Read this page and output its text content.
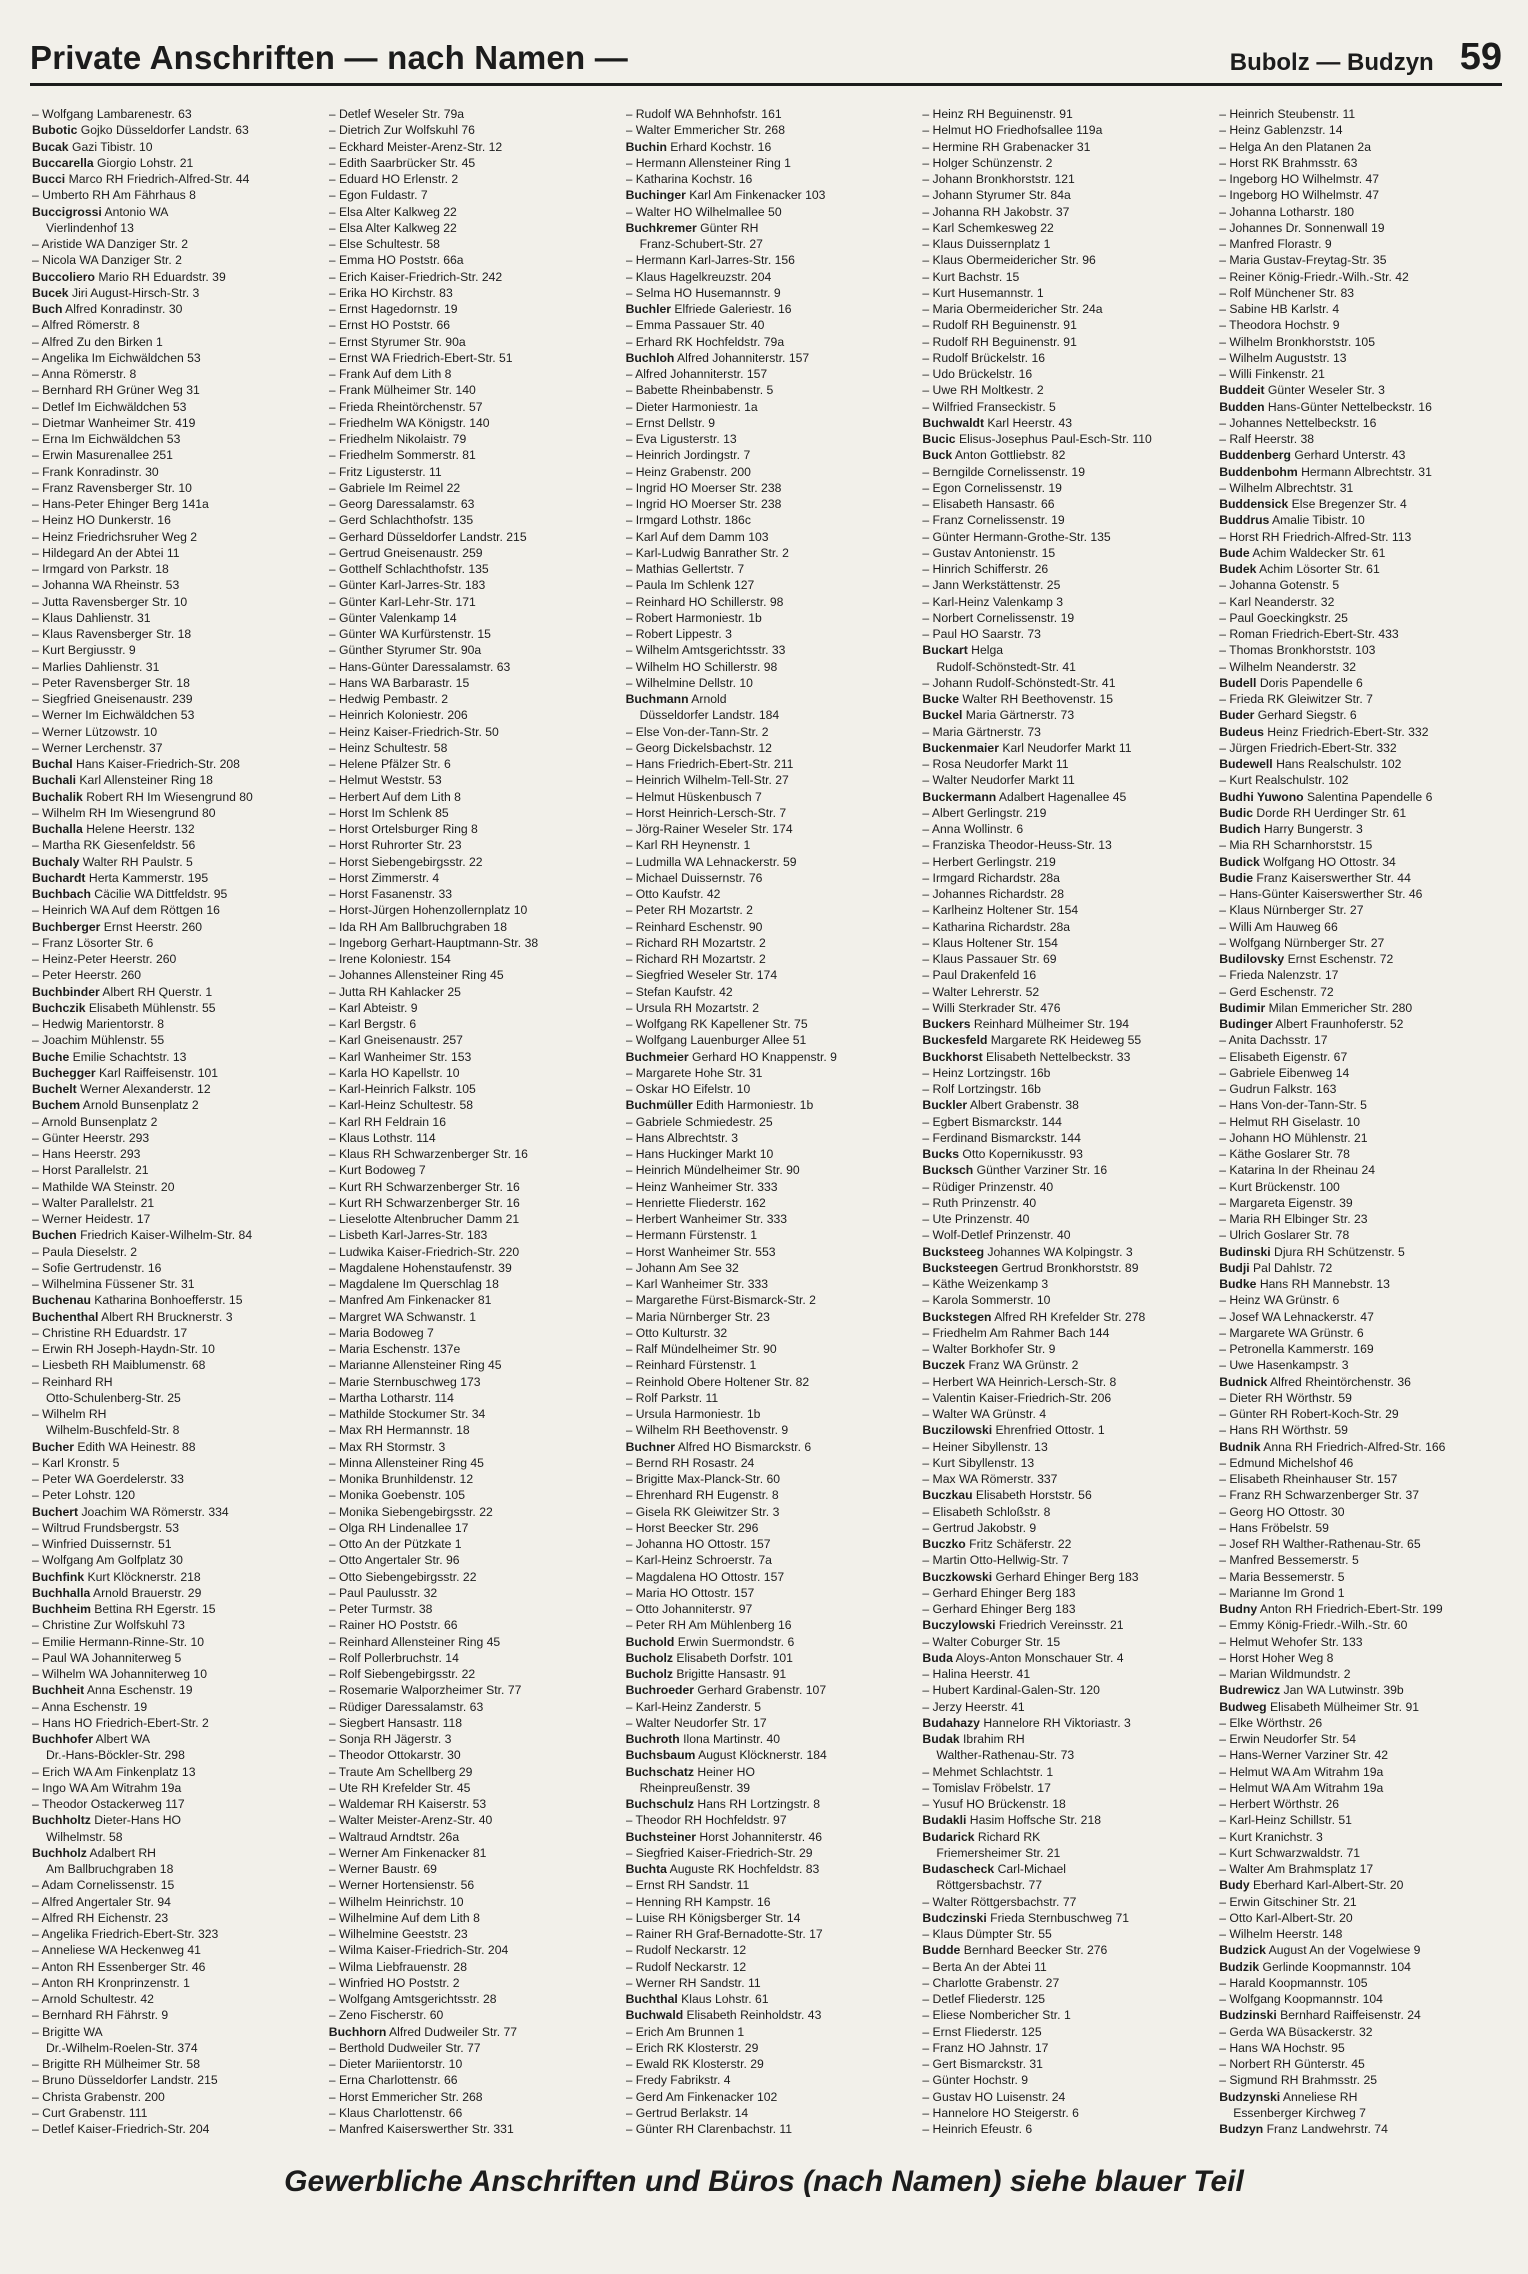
Private Anschriften — nach Namen —	Bubolz — Budzyn 59
– Wolfgang Lambarenestr. 63
Bubotic Gojko Düsseldorfer Landstr. 63
Bucak Gazi Tibistr. 10
Buccarella Giorgio Lohstr. 21
Bucci Marco RH Friedrich-Alfred-Str. 44
– Umberto RH Am Fährhaus 8
Buccigrossi Antonio WA
Vierlindenhof 13
– Aristide WA Danziger Str. 2
– Nicola WA Danziger Str. 2
Buccoliero Mario RH Eduardstr. 39
Bucek Jiri August-Hirsch-Str. 3
Buch Alfred Konradinstr. 30
– Alfred Römerstr. 8
– Alfred Zu den Birken 1
– Angelika Im Eichwäldchen 53
– Anna Römerstr. 8
– Bernhard RH Grüner Weg 31
– Detlef Im Eichwäldchen 53
– Dietmar Wanheimer Str. 419
– Erna Im Eichwäldchen 53
– Erwin Masurenallee 251
– Frank Konradinstr. 30
– Franz Ravensberger Str. 10
– Hans-Peter Ehinger Berg 141a
– Heinz HO Dunkerstr. 16
– Heinz Friedrichsruher Weg 2
– Hildegard An der Abtei 11
– Irmgard von Parkstr. 18
– Johanna WA Rheinstr. 53
– Jutta Ravensberger Str. 10
– Klaus Dahlienstr. 31
– Klaus Ravensberger Str. 18
– Kurt Bergiusstr. 9
– Marlies Dahlienstr. 31
– Peter Ravensberger Str. 18
– Siegfried Gneisenaustr. 239
– Werner Im Eichwäldchen 53
– Werner Lützowstr. 10
– Werner Lerchenstr. 37
Buchal Hans Kaiser-Friedrich-Str. 208
Buchali Karl Allensteiner Ring 18
Buchalik Robert RH Im Wiesengrund 80
– Wilhelm RH Im Wiesengrund 80
Buchalla Helene Heerstr. 132
– Martha RK Giesenfeldstr. 56
Buchaly Walter RH Paulstr. 5
Buchardt Herta Kammerstr. 195
Buchbach Cäcilie WA Dittfeldstr. 95
– Heinrich WA Auf dem Röttgen 16
Buchberger Ernst Heerstr. 260
– Franz Lösorter Str. 6
– Heinz-Peter Heerstr. 260
– Peter Heerstr. 260
Buchbinder Albert RH Querstr. 1
Buchczik Elisabeth Mühlenstr. 55
– Hedwig Marientorstr. 8
– Joachim Mühlenstr. 55
Buche Emilie Schachtstr. 13
Buchegger Karl Raiffeisenstr. 101
Buchelt Werner Alexanderstr. 12
Buchem Arnold Bunsenplatz 2
– Arnold Bunsenplatz 2
– Günter Heerstr. 293
– Hans Heerstr. 293
– Horst Parallelstr. 21
– Mathilde WA Steinstr. 20
– Walter Parallelstr. 21
– Werner Heidestr. 17
Buchen Friedrich Kaiser-Wilhelm-Str. 84
– Paula Dieselstr. 2
– Sofie Gertrudenstr. 16
– Wilhelmina Füssener Str. 31
Buchenau Katharina Bonhoefferstr. 15
Buchenthal Albert RH Brucknerstr. 3
– Christine RH Eduardstr. 17
– Erwin RH Joseph-Haydn-Str. 10
– Liesbeth RH Maiblumenstr. 68
– Reinhard RH
Otto-Schulenberg-Str. 25
– Wilhelm RH
Wilhelm-Buschfeld-Str. 8
Bucher Edith WA Heinestr. 88
– Karl Kronstr. 5
– Peter WA Goerdelerstr. 33
– Peter Lohstr. 120
Buchert Joachim WA Römerstr. 334
– Wiltrud Frundsbergstr. 53
– Winfried Duissernstr. 51
– Wolfgang Am Golfplatz 30
Buchfink Kurt Klöcknerstr. 218
Buchhalla Arnold Brauerstr. 29
Buchheim Bettina RH Egerstr. 15
– Christine Zur Wolfskuhl 73
– Emilie Hermann-Rinne-Str. 10
– Paul WA Johanniterweg 5
– Wilhelm WA Johanniterweg 10
Buchheit Anna Eschenstr. 19
– Anna Eschenstr. 19
– Hans HO Friedrich-Ebert-Str. 2
Buchhofer Albert WA
Dr.-Hans-Böckler-Str. 298
– Erich WA Am Finkenplatz 13
– Ingo WA Am Witrahm 19a
– Theodor Ostackerweg 117
Buchholtz Dieter-Hans HO
Wilhelmstr. 58
Buchholz Adalbert RH
Am Ballbruchgraben 18
– Adam Cornelissenstr. 15
– Alfred Angertaler Str. 94
– Alfred RH Eichenstr. 23
– Angelika Friedrich-Ebert-Str. 323
– Anneliese WA Heckenweg 41
– Anton RH Essenberger Str. 46
– Anton RH Kronprinzenstr. 1
– Arnold Schultestr. 42
– Bernhard RH Fährstr. 9
– Brigitte WA
Dr.-Wilhelm-Roelen-Str. 374
– Brigitte RH Mülheimer Str. 58
– Bruno Düsseldorfer Landstr. 215
– Christa Grabenstr. 200
– Curt Grabenstr. 111
– Detlef Kaiser-Friedrich-Str. 204
– Detlef Weseler Str. 79a
– Dietrich Zur Wolfskuhl 76
– Eckhard Meister-Arenz-Str. 12
– Edith Saarbrücker Str. 45
– Eduard HO Erlenstr. 2
– Egon Fuldastr. 7
– Elsa Alter Kalkweg 22
– Elsa Alter Kalkweg 22
– Else Schultestr. 58
– Emma HO Poststr. 66a
– Erich Kaiser-Friedrich-Str. 242
– Erika HO Kirchstr. 83
– Ernst Hagedornstr. 19
– Ernst HO Poststr. 66
– Ernst Styrumer Str. 90a
– Ernst WA Friedrich-Ebert-Str. 51
– Frank Auf dem Lith 8
– Frank Mülheimer Str. 140
– Frieda Rheintörchenstr. 57
– Friedhelm WA Königstr. 140
– Friedhelm Nikolaistr. 79
– Friedhelm Sommerstr. 81
– Fritz Ligusterstr. 11
– Gabriele Im Reimel 22
– Georg Daressalamstr. 63
– Gerd Schlachthofstr. 135
– Gerhard Düsseldorfer Landstr. 215
– Gertrud Gneisenaustr. 259
– Gotthelf Schlachthofstr. 135
– Günter Karl-Jarres-Str. 183
– Günter Karl-Lehr-Str. 171
– Günter Valenkamp 14
– Günter WA Kurfürstenstr. 15
– Günther Styrumer Str. 90a
– Hans-Günter Daressalamstr. 63
– Hans WA Barbarastr. 15
– Hedwig Pembastr. 2
– Heinrich Koloniestr. 206
– Heinz Kaiser-Friedrich-Str. 50
– Heinz Schultestr. 58
– Helene Pfälzer Str. 6
– Helmut Weststr. 53
– Herbert Auf dem Lith 8
– Horst Im Schlenk 85
– Horst Ortelsburger Ring 8
– Horst Ruhrorter Str. 23
– Horst Siebengebirgsstr. 22
– Horst Zimmerstr. 4
– Horst Fasanenstr. 33
– Horst-Jürgen Hohenzollernplatz 10
– Ida RH Am Ballbruchgraben 18
– Ingeborg Gerhart-Hauptmann-Str. 38
– Irene Koloniestr. 154
– Johannes Allensteiner Ring 45
– Jutta RH Kahlacker 25
– Karl Abteistr. 9
– Karl Bergstr. 6
– Karl Gneisenaustr. 257
– Karl Wanheimer Str. 153
– Karla HO Kapellstr. 10
– Karl-Heinrich Falkstr. 105
– Karl-Heinz Schultestr. 58
– Karl RH Feldrain 16
– Klaus Lothstr. 114
– Klaus RH Schwarzenberger Str. 16
– Kurt Bodoweg 7
– Kurt RH Schwarzenberger Str. 16
– Kurt RH Schwarzenberger Str. 16
– Lieselotte Altenbrucher Damm 21
– Lisbeth Karl-Jarres-Str. 183
– Ludwika Kaiser-Friedrich-Str. 220
– Magdalene Hohenstaufenstr. 39
– Magdalene Im Querschlag 18
– Manfred Am Finkenacker 81
– Margret WA Schwanstr. 1
– Maria Bodoweg 7
– Maria Eschenstr. 137e
– Marianne Allensteiner Ring 45
– Marie Sternbuschweg 173
– Martha Lotharstr. 114
– Mathilde Stockumer Str. 34
– Max RH Hermannstr. 18
– Max RH Stormstr. 3
– Minna Allensteiner Ring 45
– Monika Brunhildenstr. 12
– Monika Goebenstr. 105
– Monika Siebengebirgsstr. 22
– Olga RH Lindenallee 17
– Otto An der Pützkate 1
– Otto Angertaler Str. 96
– Otto Siebengebirgsstr. 22
– Paul Paulusstr. 32
– Peter Turmstr. 38
– Rainer HO Poststr. 66
– Reinhard Allensteiner Ring 45
– Rolf Pollerbruchstr. 14
– Rolf Siebengebirgsstr. 22
– Rosemarie Walporzheimer Str. 77
– Rüdiger Daressalamstr. 63
– Siegbert Hansastr. 118
– Sonja RH Jägerstr. 3
– Theodor Ottokarstr. 30
– Traute Am Schellberg 29
– Ute RH Krefelder Str. 45
– Waldemar RH Kaiserstr. 53
– Walter Meister-Arenz-Str. 40
– Waltraud Arndtstr. 26a
– Werner Am Finkenacker 81
– Werner Baustr. 69
– Werner Hortensienstr. 56
– Wilhelm Heinrichstr. 10
– Wilhelmine Auf dem Lith 8
– Wilhelmine Geeststr. 23
– Wilma Kaiser-Friedrich-Str. 204
– Wilma Liebfrauenstr. 28
– Winfried HO Poststr. 2
– Wolfgang Amtsgerichtsstr. 28
– Zeno Fischerstr. 60
Buchhorn Alfred Dudweiler Str. 77
– Berthold Dudweiler Str. 77
– Dieter Mariientorstr. 10
– Erna Charlottenstr. 66
– Horst Emmericher Str. 268
– Klaus Charlottenstr. 66
– Manfred Kaiserswerther Str. 331
– Rudolf WA Behnhofstr. 161
– Walter Emmericher Str. 268
Buchin Erhard Kochstr. 16
– Hermann Allensteiner Ring 1
– Katharina Kochstr. 16
Buchinger Karl Am Finkenacker 103
– Walter HO Wilhelmallee 50
Buchkremer Günter RH
Franz-Schubert-Str. 27
– Hermann Karl-Jarres-Str. 156
– Klaus Hagelkreuzstr. 204
– Selma HO Husemannstr. 9
Buchler Elfriede Galeriestr. 16
– Emma Passauer Str. 40
– Erhard RK Hochfeldstr. 79a
Buchloh Alfred Johanniterstr. 157
– Alfred Johanniterstr. 157
– Babette Rheinbabenstr. 5
– Dieter Harmoniestr. 1a
– Ernst Dellstr. 9
– Eva Ligusterstr. 13
– Heinrich Jordingstr. 7
– Heinz Grabenstr. 200
– Ingrid HO Moerser Str. 238
– Ingrid HO Moerser Str. 238
– Irmgard Lothstr. 186c
– Karl Auf dem Damm 103
– Karl-Ludwig Banrather Str. 2
– Mathias Gellertstr. 7
– Paula Im Schlenk 127
– Reinhard HO Schillerstr. 98
– Robert Harmoniestr. 1b
– Robert Lippestr. 3
– Wilhelm Amtsgerichtsstr. 33
– Wilhelm HO Schillerstr. 98
– Wilhelmine Dellstr. 10
Buchmann Arnold
Düsseldorfer Landstr. 184
– Else Von-der-Tann-Str. 2
– Georg Dickelsbachstr. 12
– Hans Friedrich-Ebert-Str. 211
– Heinrich Wilhelm-Tell-Str. 27
– Helmut Hüskenbusch 7
– Horst Heinrich-Lersch-Str. 7
– Jörg-Rainer Weseler Str. 174
– Karl RH Heynenstr. 1
– Ludmilla WA Lehnackerstr. 59
– Michael Duissernstr. 76
– Otto Kaufstr. 42
– Peter RH Mozartstr. 2
– Reinhard Eschenstr. 90
– Richard RH Mozartstr. 2
– Richard RH Mozartstr. 2
– Siegfried Weseler Str. 174
– Stefan Kaufstr. 42
– Ursula RH Mozartstr. 2
– Wolfgang RK Kapellener Str. 75
– Wolfgang Lauenburger Allee 51
Buchmeier Gerhard HO Knappenstr. 9
– Margarete Hohe Str. 31
– Oskar HO Eifelstr. 10
Buchmüller Edith Harmoniestr. 1b
– Gabriele Schmiedestr. 25
– Hans Albrechtstr. 3
– Hans Huckinger Markt 10
– Heinrich Mündelheimer Str. 90
– Heinz Wanheimer Str. 333
– Henriette Fliederstr. 162
– Herbert Wanheimer Str. 333
– Hermann Fürstenstr. 1
– Horst Wanheimer Str. 553
– Johann Am See 32
– Karl Wanheimer Str. 333
– Margarethe Fürst-Bismarck-Str. 2
– Maria Nürnberger Str. 23
– Otto Kulturstr. 32
– Ralf Mündelheimer Str. 90
– Reinhard Fürstenstr. 1
– Reinhold Obere Holtener Str. 82
– Rolf Parkstr. 11
– Ursula Harmoniestr. 1b
– Wilhelm RH Beethovenstr. 9
Buchner Alfred HO Bismarckstr. 6
– Bernd RH Rosastr. 24
– Brigitte Max-Planck-Str. 60
– Ehrenhard RH Eugenstr. 8
– Gisela RK Gleiwitzer Str. 3
– Horst Beecker Str. 296
– Johanna HO Ottostr. 157
– Karl-Heinz Schroerstr. 7a
– Magdalena HO Ottostr. 157
– Maria HO Ottostr. 157
– Otto Johanniterstr. 97
– Peter RH Am Mühlenberg 16
Buchold Erwin Suermondstr. 6
Bucholz Elisabeth Dorfstr. 101
Bucholz Brigitte Hansastr. 91
Buchroeder Gerhard Grabenstr. 107
– Karl-Heinz Zanderstr. 5
– Walter Neudorfer Str. 17
Buchroth Ilona Martinstr. 40
Buchsbaum August Klöcknerstr. 184
Buchschatz Heiner HO
Rheinpreußenstr. 39
Buchschulz Hans RH Lortzingstr. 8
– Theodor RH Hochfeldstr. 97
Buchsteiner Horst Johanniterstr. 46
– Siegfried Kaiser-Friedrich-Str. 29
Buchta Auguste RK Hochfeldstr. 83
– Ernst RH Sandstr. 11
– Henning RH Kampstr. 16
– Luise RH Königsberger Str. 14
– Rainer RH Graf-Bernadotte-Str. 17
– Rudolf Neckarstr. 12
– Rudolf Neckarstr. 12
– Werner RH Sandstr. 11
Buchthal Klaus Lohstr. 61
Buchwald Elisabeth Reinholdstr. 43
– Erich Am Brunnen 1
– Erich RK Klosterstr. 29
– Ewald RK Klosterstr. 29
– Fredy Fabrikstr. 4
– Gerd Am Finkenacker 102
– Gertrud Berlakstr. 14
– Günter RH Clarenbachstr. 11
– Heinz RH Beguinenstr. 91
– Helmut HO Friedhofsallee 119a
– Hermine RH Grabenacker 31
– Holger Schünzenstr. 2
– Johann Bronkhorststr. 121
– Johann Styrumer Str. 84a
– Johanna RH Jakobstr. 37
– Karl Schemkesweg 22
– Klaus Duissernplatz 1
– Klaus Obermeidericher Str. 96
– Kurt Bachstr. 15
– Kurt Husemannstr. 1
– Maria Obermeidericher Str. 24a
– Rudolf RH Beguinenstr. 91
– Rudolf RH Beguinenstr. 91
– Rudolf Brückelstr. 16
– Udo Brückelstr. 16
– Uwe RH Moltkestr. 2
– Wilfried Franseckistr. 5
Buchwaldt Karl Heerstr. 43
Bucic Elisus-Josephus Paul-Esch-Str. 110
Buck Anton Gottliebstr. 82
– Berngilde Cornelissenstr. 19
– Egon Cornelissenstr. 19
– Elisabeth Hansastr. 66
– Franz Cornelissenstr. 19
– Günter Hermann-Grothe-Str. 135
– Gustav Antonienstr. 15
– Hinrich Schifferstr. 26
– Jann Werkstättenstr. 25
– Karl-Heinz Valenkamp 3
– Norbert Cornelissenstr. 19
– Paul HO Saarstr. 73
Buckart Helga
Rudolf-Schönstedt-Str. 41
– Johann Rudolf-Schönstedt-Str. 41
Bucke Walter RH Beethovenstr. 15
Buckel Maria Gärtnerstr. 73
– Maria Gärtnerstr. 73
Buckenmaier Karl Neudorfer Markt 11
– Rosa Neudorfer Markt 11
– Walter Neudorfer Markt 11
Buckermann Adalbert Hagenallee 45
– Albert Gerlingstr. 219
– Anna Wollinstr. 6
– Franziska Theodor-Heuss-Str. 13
– Herbert Gerlingstr. 219
– Irmgard Richardstr. 28a
– Johannes Richardstr. 28
– Karlheinz Holtener Str. 154
– Katharina Richardstr. 28a
– Klaus Holtener Str. 154
– Klaus Passauer Str. 69
– Paul Drakenfeld 16
– Walter Lehrerstr. 52
– Willi Sterkrader Str. 476
Buckers Reinhard Mülheimer Str. 194
Buckesfeld Margarete RK Heideweg 55
Buckhorst Elisabeth Nettelbeckstr. 33
– Heinz Lortzingstr. 16b
– Rolf Lortzingstr. 16b
Buckler Albert Grabenstr. 38
– Egbert Bismarckstr. 144
– Ferdinand Bismarckstr. 144
Bucks Otto Kopernikusstr. 93
Bucksch Günther Varziner Str. 16
– Rüdiger Prinzenstr. 40
– Ruth Prinzenstr. 40
– Ute Prinzenstr. 40
– Wolf-Detlef Prinzenstr. 40
Bucksteeg Johannes WA Kolpingstr. 3
Bucksteegen Gertrud Bronkhorststr. 89
– Käthe Weizenkamp 3
– Karola Sommerstr. 10
Buckstegen Alfred RH Krefelder Str. 278
– Friedhelm Am Rahmer Bach 144
– Walter Borkhofer Str. 9
Buczek Franz WA Grünstr. 2
– Herbert WA Heinrich-Lersch-Str. 8
– Valentin Kaiser-Friedrich-Str. 206
– Walter WA Grünstr. 4
Buczilowski Ehrenfried Ottostr. 1
– Heiner Sibyllenstr. 13
– Kurt Sibyllenstr. 13
– Max WA Römerstr. 337
Buczkau Elisabeth Horststr. 56
– Elisabeth Schloßstr. 8
– Gertrud Jakobstr. 9
Buczko Fritz Schäferstr. 22
– Martin Otto-Hellwig-Str. 7
Buczkowski Gerhard Ehinger Berg 183
– Gerhard Ehinger Berg 183
– Gerhard Ehinger Berg 183
Buczylowski Friedrich Vereinsstr. 21
– Walter Coburger Str. 15
Buda Aloys-Anton Monschauer Str. 4
– Halina Heerstr. 41
– Hubert Kardinal-Galen-Str. 120
– Jerzy Heerstr. 41
Budahazy Hannelore RH Viktoriastr. 3
Budak Ibrahim RH
Walther-Rathenau-Str. 73
– Mehmet Schlachtstr. 1
– Tomislav Fröbelstr. 17
– Yusuf HO Brückenstr. 18
Budakli Hasim Hoffsche Str. 218
Budarick Richard RK
Friemersheimer Str. 21
Budascheck Carl-Michael
Röttgersbachstr. 77
– Walter Röttgersbachstr. 77
Budczinski Frieda Sternbuschweg 71
– Klaus Dümpter Str. 55
Budde Bernhard Beecker Str. 276
– Berta An der Abtei 11
– Charlotte Grabenstr. 27
– Detlef Fliederstr. 125
– Eliese Nombericher Str. 1
– Ernst Fliederstr. 125
– Franz HO Jahnstr. 17
– Gert Bismarckstr. 31
– Günter Hochstr. 9
– Gustav HO Luisenstr. 24
– Hannelore HO Steigerstr. 6
– Heinrich Efeustr. 6
– Heinrich Steubenstr. 11
– Heinz Gablenzstr. 14
– Helga An den Platanen 2a
– Horst RK Brahmsstr. 63
– Ingeborg HO Wilhelmstr. 47
– Ingeborg HO Wilhelmstr. 47
– Johanna Lotharstr. 180
– Johannes Dr. Sonnenwall 19
– Manfred Florastr. 9
– Maria Gustav-Freytag-Str. 35
– Reiner König-Friedr.-Wilh.-Str. 42
– Rolf Münchener Str. 83
– Sabine HB Karlstr. 4
– Theodora Hochstr. 9
– Wilhelm Bronkhorststr. 105
– Wilhelm Auguststr. 13
– Willi Finkenstr. 21
Buddeit Günter Weseler Str. 3
Budden Hans-Günter Nettelbeckstr. 16
– Johannes Nettelbeckstr. 16
– Ralf Heerstr. 38
Buddenberg Gerhard Unterstr. 43
Buddenbohm Hermann Albrechtstr. 31
– Wilhelm Albrechtstr. 31
Buddensick Else Bregenzer Str. 4
Buddrus Amalie Tibistr. 10
– Horst RH Friedrich-Alfred-Str. 113
Bude Achim Waldecker Str. 61
Budek Achim Lösorter Str. 61
– Johanna Gotenstr. 5
– Karl Neanderstr. 32
– Paul Goeckingkstr. 25
– Roman Friedrich-Ebert-Str. 433
– Thomas Bronkhorststr. 103
– Wilhelm Neanderstr. 32
Budell Doris Papendelle 6
– Frieda RK Gleiwitzer Str. 7
Buder Gerhard Siegstr. 6
Budeus Heinz Friedrich-Ebert-Str. 332
– Jürgen Friedrich-Ebert-Str. 332
Budewell Hans Realschulstr. 102
– Kurt Realschulstr. 102
Budhi Yuwono Salentina Papendelle 6
Budic Dorde RH Uerdinger Str. 61
Budich Harry Bungerstr. 3
– Mia RH Scharnhorststr. 15
Budick Wolfgang HO Ottostr. 34
Budie Franz Kaiserswerther Str. 44
– Hans-Günter Kaiserswerther Str. 46
– Klaus Nürnberger Str. 27
– Willi Am Hauweg 66
– Wolfgang Nürnberger Str. 27
Budilovsky Ernst Eschenstr. 72
– Frieda Nalenzstr. 17
– Gerd Eschenstr. 72
Budimir Milan Emmericher Str. 280
Budinger Albert Fraunhoferstr. 52
– Anita Dachsstr. 17
– Elisabeth Eigenstr. 67
– Gabriele Eibenweg 14
– Gudrun Falkstr. 163
– Hans Von-der-Tann-Str. 5
– Helmut RH Giselastr. 10
– Johann HO Mühlenstr. 21
– Käthe Goslarer Str. 78
– Katarina In der Rheinau 24
– Kurt Brückenstr. 100
– Margareta Eigenstr. 39
– Maria RH Elbinger Str. 23
– Ulrich Goslarer Str. 78
Budinski Djura RH Schützenstr. 5
Budji Pal Dahlstr. 72
Budke Hans RH Mannebstr. 13
– Heinz WA Grünstr. 6
– Josef WA Lehnackerstr. 47
– Margarete WA Grünstr. 6
– Petronella Kammerstr. 169
– Uwe Hasenkampstr. 3
Budnick Alfred Rheintörchenstr. 36
– Dieter RH Wörthstr. 59
– Günter RH Robert-Koch-Str. 29
– Hans RH Wörthstr. 59
Budnik Anna RH Friedrich-Alfred-Str. 166
– Edmund Michelshof 46
– Elisabeth Rheinhauser Str. 157
– Franz RH Schwarzenberger Str. 37
– Georg HO Ottostr. 30
– Hans Fröbelstr. 59
– Josef RH Walther-Rathenau-Str. 65
– Manfred Bessemerstr. 5
– Maria Bessemerstr. 5
– Marianne Im Grond 1
Budny Anton RH Friedrich-Ebert-Str. 199
– Emmy König-Friedr.-Wilh.-Str. 60
– Helmut Wehofer Str. 133
– Horst Hoher Weg 8
– Marian Wildmundstr. 2
Budrewicz Jan WA Lutwinstr. 39b
Budweg Elisabeth Mülheimer Str. 91
– Elke Wörthstr. 26
– Erwin Neudorfer Str. 54
– Hans-Werner Varziner Str. 42
– Helmut WA Am Witrahm 19a
– Helmut WA Am Witrahm 19a
– Herbert Wörthstr. 26
– Karl-Heinz Schillstr. 51
– Kurt Kranichstr. 3
– Kurt Schwarzwaldstr. 71
– Walter Am Brahmsplatz 17
Budy Eberhard Karl-Albert-Str. 20
– Erwin Gitschiner Str. 21
– Otto Karl-Albert-Str. 20
– Wilhelm Heerstr. 148
Budzick August An der Vogelwiese 9
Budzik Gerlinde Koopmannstr. 104
– Harald Koopmannstr. 105
– Wolfgang Koopmannstr. 104
Budzinski Bernhard Raiffeisenstr. 24
– Gerda WA Büsackerstr. 32
– Hans WA Hochstr. 95
– Norbert RH Günterstr. 45
– Sigmund RH Brahmsstr. 25
Budzynski Anneliese RH
Essenberger Kirchweg 7
Budzyn Franz Landwehrstr. 74
Gewerbliche Anschriften und Büros (nach Namen) siehe blauer Teil
